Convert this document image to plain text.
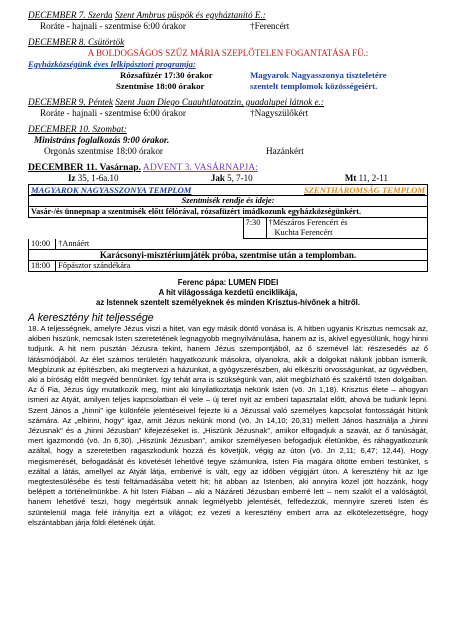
DECEMBER 7. Szerda Szent Ambrus püspök és egyháztanító E.:
Roráte - hajnali - szentmise 6:00 órakor	†Ferencért
DECEMBER 8. Csütörtök
A BOLDOGSÁGOS SZŰZ MÁRIA SZEPLŐTELEN FOGANTATÁSA FÜ.:
Egyházközségünk éves lelkipásztori programja:
Rózsafüzér 17:30 órakor	Magyarok Nagyasszonya tiszteletére
Szentmise 18:00 órakor	szentelt templomok közösségeiért.
DECEMBER 9. Péntek Szent Juan Diego Cuauhtlatoatzin, guadalupei látnok e.:
Roráte - hajnali - szentmise 6:00 órakor	†Nagyszülőkért
DECEMBER 10. Szombat:
Ministráns foglalkozás 9:00 órakor.
Orgonás szentmise 18:00 órakor	Hazánkért
DECEMBER 11. Vasárnap. ADVENT 3. VASÁRNAPJA:
Iz 35, 1-6a.10	Jak 5, 7-10	Mt 11, 2-11
MAGYAROK NAGYASSZONYA TEMPLOM	SZENTHÁROMSÁG TEMPLOM

Szentmisék rendje és ideje:
Vasár-/és ünnepnap a szentmisék előtt félórával, rózsafüzért imádkozunk egyházközségünkért.
	7:30	†Mészáros Ferencért és
Kuchta Ferencért

10:00 †Annáért
Karácsonyi-misztériumjáték próba, szentmise után a templomban.
18:00 Főpásztor szándékára
Ferenc pápa: LUMEN FIDEI
A hit világossága kezdetű enciklikája,
az Istennek szentelt személyeknek és minden Krisztus-hívőnek a hitről.
A keresztény hit teljessége
18. A teljességnek, amelyre Jézus viszi a hitet, van egy másik döntő vonása is. A hitben ugyanis Krisztus nemcsak az, akiben hiszünk, nemcsak Isten szeretetének legnagyobb megnyilvánulása, hanem az is, akivel egyesülünk, hogy hinni tudjunk. A hit nem pusztán Jézusra tekint, hanem Jézus szempontjából, az ő szemével lát: részesedés az ő látásmódjából. Az élet számos területén hagyatkozunk másokra, olyanokra, akik a dolgokat nálunk jobban ismerik. Megbízunk az építészben, aki megtervezi a házunkat, a gyógyszerészben, aki elkészíti orvosságunkat, az ügyvédben, aki a bíróság előtt megvéd bennünket. Így tehát arra is szükségünk van, akit megbízható és szakértő Isten dolgaiban. Az ő Fia, Jézus úgy mutatkozik meg, mint aki kinyilatkoztatja nekünk Isten (vö. Jn 1,18). Krisztus élete – ahogyan ismeri az Atyát, amilyen teljes kapcsolatban él vele – új teret nyit az emberi tapasztalat előtt, ahová be tudunk lépni. Szent János a „hinni” ige különféle jelentéseivel fejezte ki a Jézussal való személyes kapcsolat fontosságát hitünk számára. Az „elhinni, hogy” igaz, amit Jézus nekünk mond (vö. Jn 14,10; 20,31) mellett János használja a „hinni Jézusnak” és a „hinni Jézusban” kifejezéseket is. „Hiszünk Jézusnak”, amikor elfogadjuk a szavát, az ő tanúságát, mert igazmondó (vö. Jn 6,30). „Hiszünk Jézusban”, amikor személyesen befogadjuk életünkbe, és ráhagyatkozunk azáltal, hogy a szeretetben ragaszkodunk hozzá és követjük, végig az úton (vö. Jn 2,11; 6,47; 12,44). Hogy megismerését, befogadását és követését lehetővé tegye számunkra, Isten Fia magára öltötte emberi testünket, s ezáltal a látás, amellyel az Atyát látja, emberivé is vált, egy az időben végigjárt úton. A keresztény hit az Ige megtestesülésébe és testi feltámadásába vetett hit; hit abban az Istenben, aki annyira közel jött hozzánk, hogy belépett a történelmünkbe. A hit Isten Fiában – aki a Názáreti Jézusban emberré lett – nem szakít el a valóságtól, hanem lehetővé teszi, hogy megértsük annak legmélyebb jelentését, felfedezzük, mennyire szereti Isten és szüntelenül maga felé irányítja ezt a világot; ez vezeti a keresztény embert arra az elkötelezettségre, hogy elszántabban járja földi életének útját.
